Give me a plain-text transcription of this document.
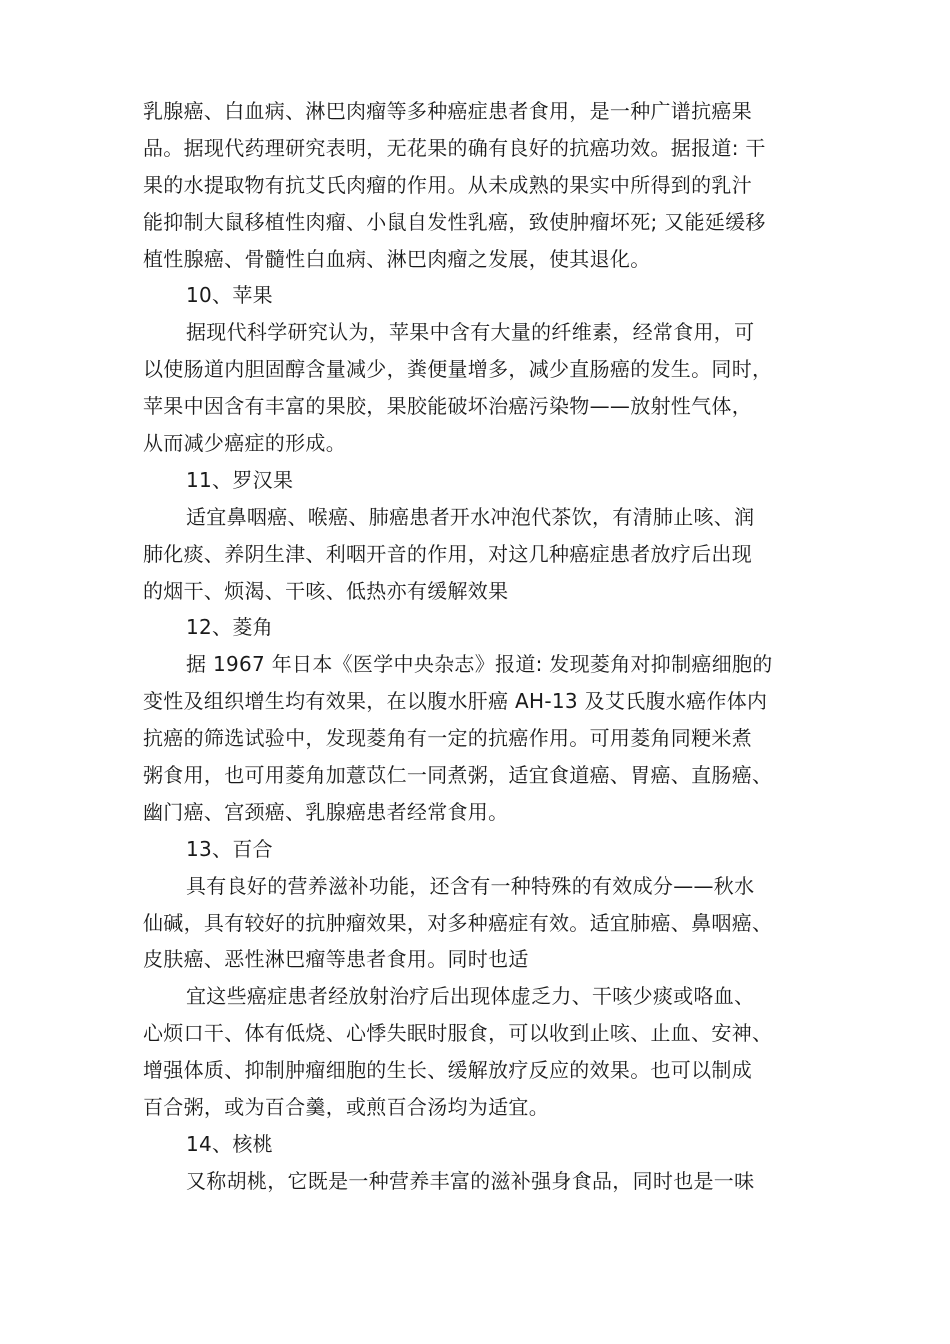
乳腺癌、白血病、淋巴肉瘤等多种癌症患者食用，是一种广谱抗癌果
品。据现代药理研究表明，无花果的确有良好的抗癌功效。据报道: 干
果的水提取物有抗艾氏肉瘤的作用。从未成熟的果实中所得到的乳汁
能抑制大鼠移植性肉瘤、小鼠自发性乳癌，致使肿瘤坏死; 又能延缓移
植性腺癌、骨髓性白血病、淋巴肉瘤之发展，使其退化。
10、苹果
据现代科学研究认为，苹果中含有大量的纤维素，经常食用，可
以使肠道内胆固醇含量减少，粪便量增多，减少直肠癌的发生。同时，
苹果中因含有丰富的果胶，果胶能破坏治癌污染物——放射性气体，
从而减少癌症的形成。
11、罗汉果
适宜鼻咽癌、喉癌、肺癌患者开水冲泡代茶饮，有清肺止咳、润
肺化痰、养阴生津、利咽开音的作用，对这几种癌症患者放疗后出现
的烟干、烦渴、干咳、低热亦有缓解效果
12、菱角
据 1967 年日本《医学中央杂志》报道: 发现菱角对抑制癌细胞的
变性及组织增生均有效果，在以腹水肝癌 AH-13 及艾氏腹水癌作体内
抗癌的筛选试验中，发现菱角有一定的抗癌作用。可用菱角同粳米煮
粥食用，也可用菱角加薏苡仁一同煮粥，适宜食道癌、胃癌、直肠癌、
幽门癌、宫颈癌、乳腺癌患者经常食用。
13、百合
具有良好的营养滋补功能，还含有一种特殊的有效成分——秋水
仙碱，具有较好的抗肿瘤效果，对多种癌症有效。适宜肺癌、鼻咽癌、
皮肤癌、恶性淋巴瘤等患者食用。同时也适
宜这些癌症患者经放射治疗后出现体虚乏力、干咳少痰或咯血、
心烦口干、体有低烧、心悸失眠时服食，可以收到止咳、止血、安神、
增强体质、抑制肿瘤细胞的生长、缓解放疗反应的效果。也可以制成
百合粥，或为百合羹，或煎百合汤均为适宜。
14、核桃
又称胡桃，它既是一种营养丰富的滋补强身食品，同时也是一味
